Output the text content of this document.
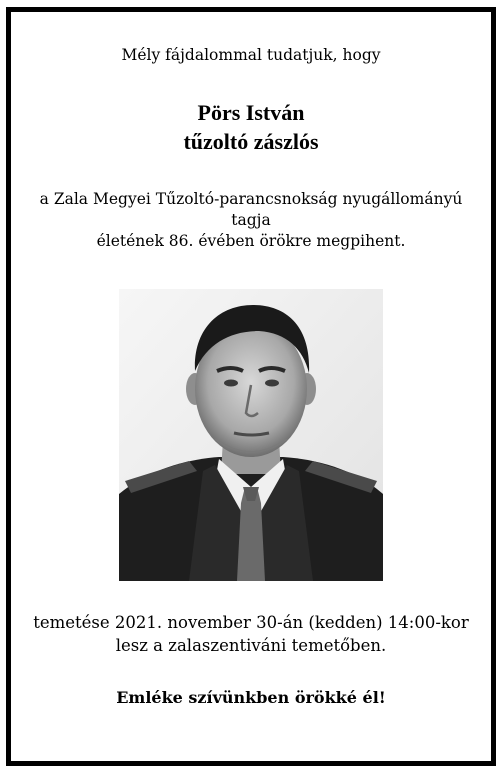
Mély fájdalommal tudatjuk, hogy
Pörs István
tűzoltó zászlós
a Zala Megyei Tűzoltó-parancsnokság nyugállományú
tagja
életének 86. évében örökre megpihent.
temetése 2021. november 30-án (kedden) 14:00-kor
lesz a zalaszentiváni temetőben.
Emléke szívünkben örökké él!
